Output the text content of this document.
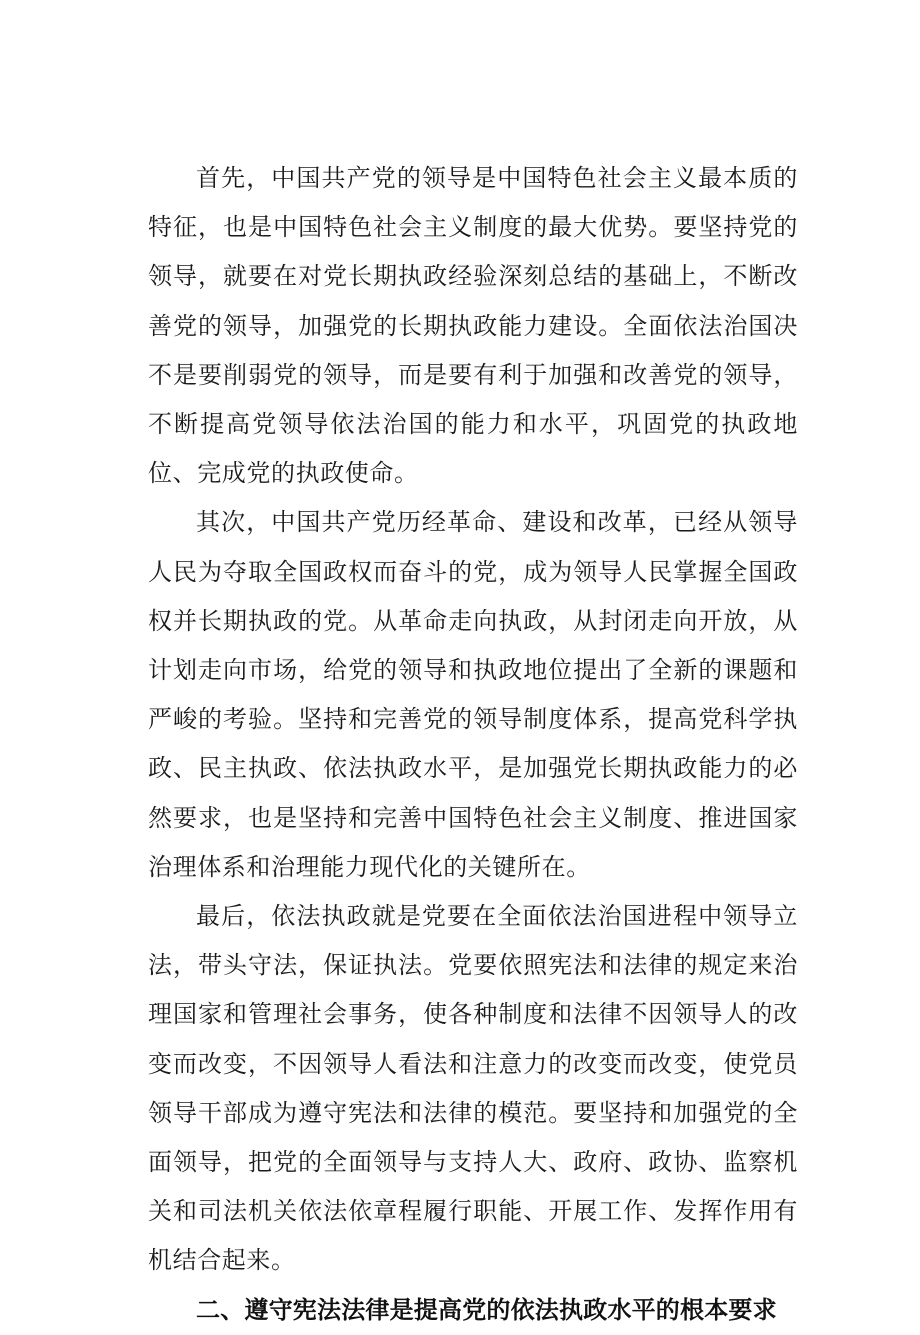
首先，中国共产党的领导是中国特色社会主义最本质的特征，也是中国特色社会主义制度的最大优势。要坚持党的领导，就要在对党长期执政经验深刻总结的基础上，不断改善党的领导，加强党的长期执政能力建设。全面依法治国决不是要削弱党的领导，而是要有利于加强和改善党的领导，不断提高党领导依法治国的能力和水平，巩固党的执政地位、完成党的执政使命。

其次，中国共产党历经革命、建设和改革，已经从领导人民为夺取全国政权而奋斗的党，成为领导人民掌握全国政权并长期执政的党。从革命走向执政，从封闭走向开放，从计划走向市场，给党的领导和执政地位提出了全新的课题和严峻的考验。坚持和完善党的领导制度体系，提高党科学执政、民主执政、依法执政水平，是加强党长期执政能力的必然要求，也是坚持和完善中国特色社会主义制度、推进国家治理体系和治理能力现代化的关键所在。

最后，依法执政就是党要在全面依法治国进程中领导立法，带头守法，保证执法。党要依照宪法和法律的规定来治理国家和管理社会事务，使各种制度和法律不因领导人的改变而改变，不因领导人看法和注意力的改变而改变，使党员领导干部成为遵守宪法和法律的模范。要坚持和加强党的全面领导，把党的全面领导与支持人大、政府、政协、监察机关和司法机关依法依章程履行职能、开展工作、发挥作用有机结合起来。

二、遵守宪法法律是提高党的依法执政水平的根本要求
